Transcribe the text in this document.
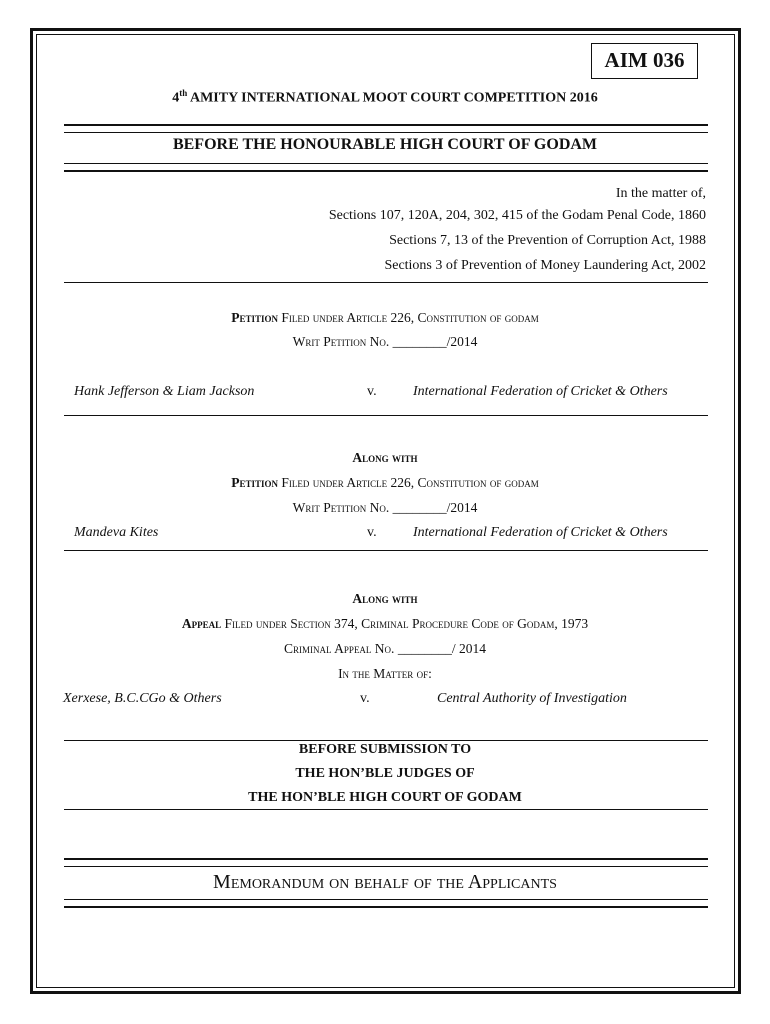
AIM 036
4th AMITY INTERNATIONAL MOOT COURT COMPETITION 2016
BEFORE THE HONOURABLE HIGH COURT OF GODAM
In the matter of,
Sections 107, 120A, 204, 302, 415 of the Godam Penal Code, 1860
Sections 7, 13 of the Prevention of Corruption Act, 1988
Sections 3 of Prevention of Money Laundering Act, 2002
Petition Filed under Article 226, Constitution of godam
Writ Petition No. ________/2014
Hank Jefferson & Liam Jackson	v.	International Federation of Cricket & Others
Along with
Petition Filed under Article 226, Constitution of godam
Writ Petition No. ________/2014
Mandeva Kites	v.	International Federation of Cricket & Others
Along with
Appeal Filed under Section 374, Criminal Procedure Code of Godam, 1973
Criminal Appeal No. ________/ 2014
In the Matter of:
Xerxese, B.C.CGo & Others	v.	Central Authority of Investigation
BEFORE SUBMISSION TO
THE HON’BLE JUDGES OF
THE HON’BLE HIGH COURT OF GODAM
Memorandum on behalf of the Applicants
